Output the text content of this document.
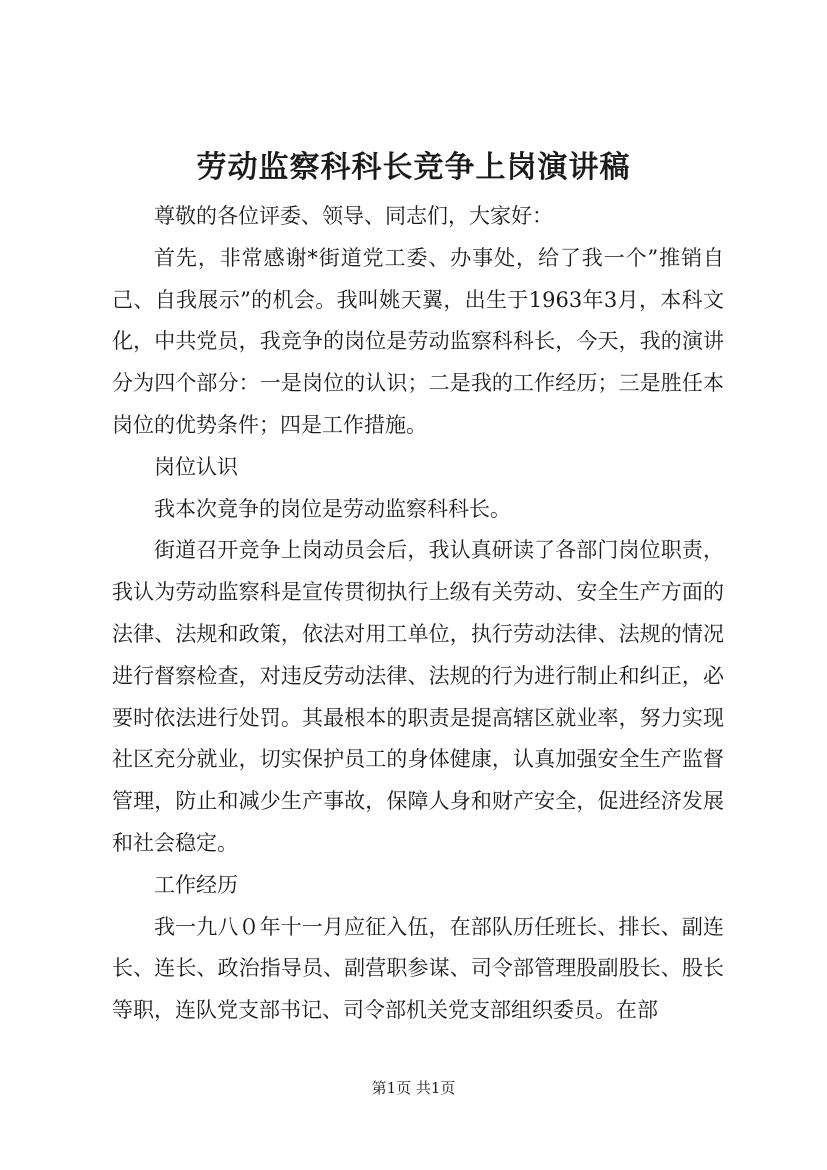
劳动监察科科长竞争上岗演讲稿

尊敬的各位评委、领导、同志们，大家好：

首先，非常感谢*街道党工委、办事处，给了我一个”推销自己、自我展示”的机会。我叫姚天翼，出生于1963年3月，本科文化，中共党员，我竞争的岗位是劳动监察科科长，今天，我的演讲分为四个部分：一是岗位的认识；二是我的工作经历；三是胜任本岗位的优势条件；四是工作措施。

岗位认识

我本次竟争的岗位是劳动监察科科长。

街道召开竞争上岗动员会后，我认真研读了各部门岗位职责，我认为劳动监察科是宣传贯彻执行上级有关劳动、安全生产方面的法律、法规和政策，依法对用工单位，执行劳动法律、法规的情况进行督察检查，对违反劳动法律、法规的行为进行制止和纠正，必要时依法进行处罚。其最根本的职责是提高辖区就业率，努力实现社区充分就业，切实保护员工的身体健康，认真加强安全生产监督管理，防止和减少生产事故，保障人身和财产安全，促进经济发展和社会稳定。

工作经历

我一九八０年十一月应征入伍，在部队历任班长、排长、副连长、连长、政治指导员、副营职参谋、司令部管理股副股长、股长等职，连队党支部书记、司令部机关党支部组织委员。在部

第1页 共1页
